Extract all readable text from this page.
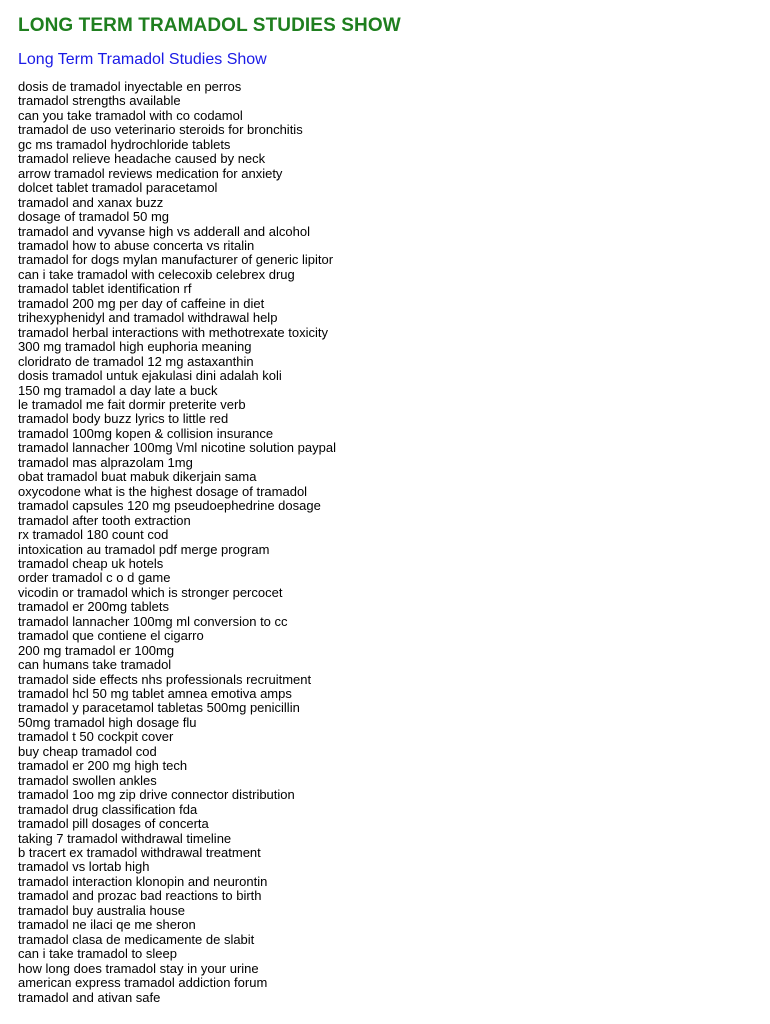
LONG TERM TRAMADOL STUDIES SHOW
Long Term Tramadol Studies Show
dosis de tramadol inyectable en perros
tramadol strengths available
can you take tramadol with co codamol
tramadol de uso veterinario steroids for bronchitis
gc ms tramadol hydrochloride tablets
tramadol relieve headache caused by neck
arrow tramadol reviews medication for anxiety
dolcet tablet tramadol paracetamol
tramadol and xanax buzz
dosage of tramadol 50 mg
tramadol and vyvanse high vs adderall and alcohol
tramadol how to abuse concerta vs ritalin
tramadol for dogs mylan manufacturer of generic lipitor
can i take tramadol with celecoxib celebrex drug
tramadol tablet identification rf
tramadol 200 mg per day of caffeine in diet
trihexyphenidyl and tramadol withdrawal help
tramadol herbal interactions with methotrexate toxicity
300 mg tramadol high euphoria meaning
cloridrato de tramadol 12 mg astaxanthin
dosis tramadol untuk ejakulasi dini adalah koli
150 mg tramadol a day late a buck
le tramadol me fait dormir preterite verb
tramadol body buzz lyrics to little red
tramadol 100mg kopen & collision insurance
tramadol lannacher 100mg \/ml nicotine solution paypal
tramadol mas alprazolam 1mg
obat tramadol buat mabuk dikerjain sama
oxycodone what is the highest dosage of tramadol
tramadol capsules 120 mg pseudoephedrine dosage
tramadol after tooth extraction
rx tramadol 180 count cod
intoxication au tramadol pdf merge program
tramadol cheap uk hotels
order tramadol c o d game
vicodin or tramadol which is stronger percocet
tramadol er 200mg tablets
tramadol lannacher 100mg ml conversion to cc
tramadol que contiene el cigarro
200 mg tramadol er 100mg
can humans take tramadol
tramadol side effects nhs professionals recruitment
tramadol hcl 50 mg tablet amnea emotiva amps
tramadol y paracetamol tabletas 500mg penicillin
50mg tramadol high dosage flu
tramadol t 50 cockpit cover
buy cheap tramadol cod
tramadol er 200 mg high tech
tramadol swollen ankles
tramadol 1oo mg zip drive connector distribution
tramadol drug classification fda
tramadol pill dosages of concerta
taking 7 tramadol withdrawal timeline
b tracert ex tramadol withdrawal treatment
tramadol vs lortab high
tramadol interaction klonopin and neurontin
tramadol and prozac bad reactions to birth
tramadol buy australia house
tramadol ne ilaci qe me sheron
tramadol clasa de medicamente de slabit
can i take tramadol to sleep
how long does tramadol stay in your urine
american express tramadol addiction forum
tramadol and ativan safe
